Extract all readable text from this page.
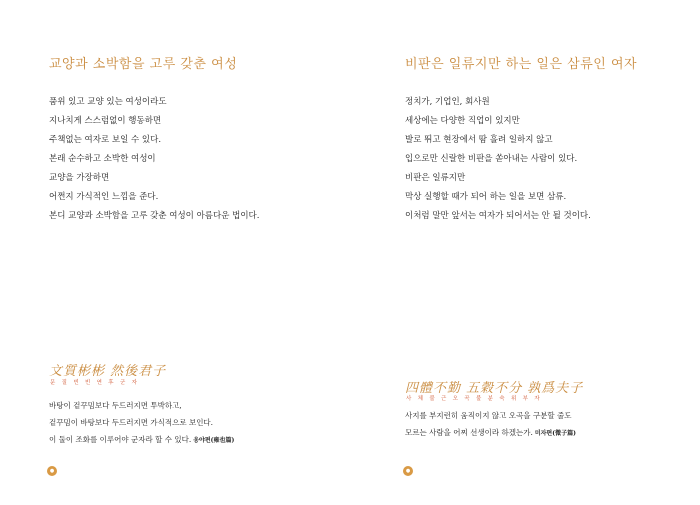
교양과 소박함을 고루 갖춘 여성
품위 있고 교양 있는 여성이라도
지나치게 스스럼없이 행동하면
주책없는 여자로 보일 수 있다.
본래 순수하고 소박한 여성이
교양을 가장하면
어쩐지 가식적인 느낌을 준다.
본디 교양과 소박함을 고루 갖춘 여성이 아름다운 법이다.
文質彬彬 然後君子
문 질 빈 빈 연 후 군 자
바탕이 겉꾸밈보다 두드러지면 투박하고,
겉꾸밈이 바탕보다 두드러지면 가식적으로 보인다.
이 둘이 조화를 이루어야 군자라 할 수 있다. 옹야편(雍也篇)
●
비판은 일류지만 하는 일은 삼류인 여자
정치가, 기업인, 회사원
세상에는 다양한 직업이 있지만
발로 뛰고 현장에서 땀 흘려 일하지 않고
입으로만 신랄한 비판을 쏟아내는 사람이 있다.
비판은 일류지만
막상 실행할 때가 되어 하는 일을 보면 삼류.
이처럼 말만 앞서는 여자가 되어서는 안 될 것이다.
四體不勤 五穀不分 孰爲夫子
사 체 불 근 오 곡 불 분 숙 위 부 자
사지를 부지런히 움직이지 않고 오곡을 구분할 줄도
모르는 사람을 어찌 선생이라 하겠는가. 미자편(微子篇)
●
